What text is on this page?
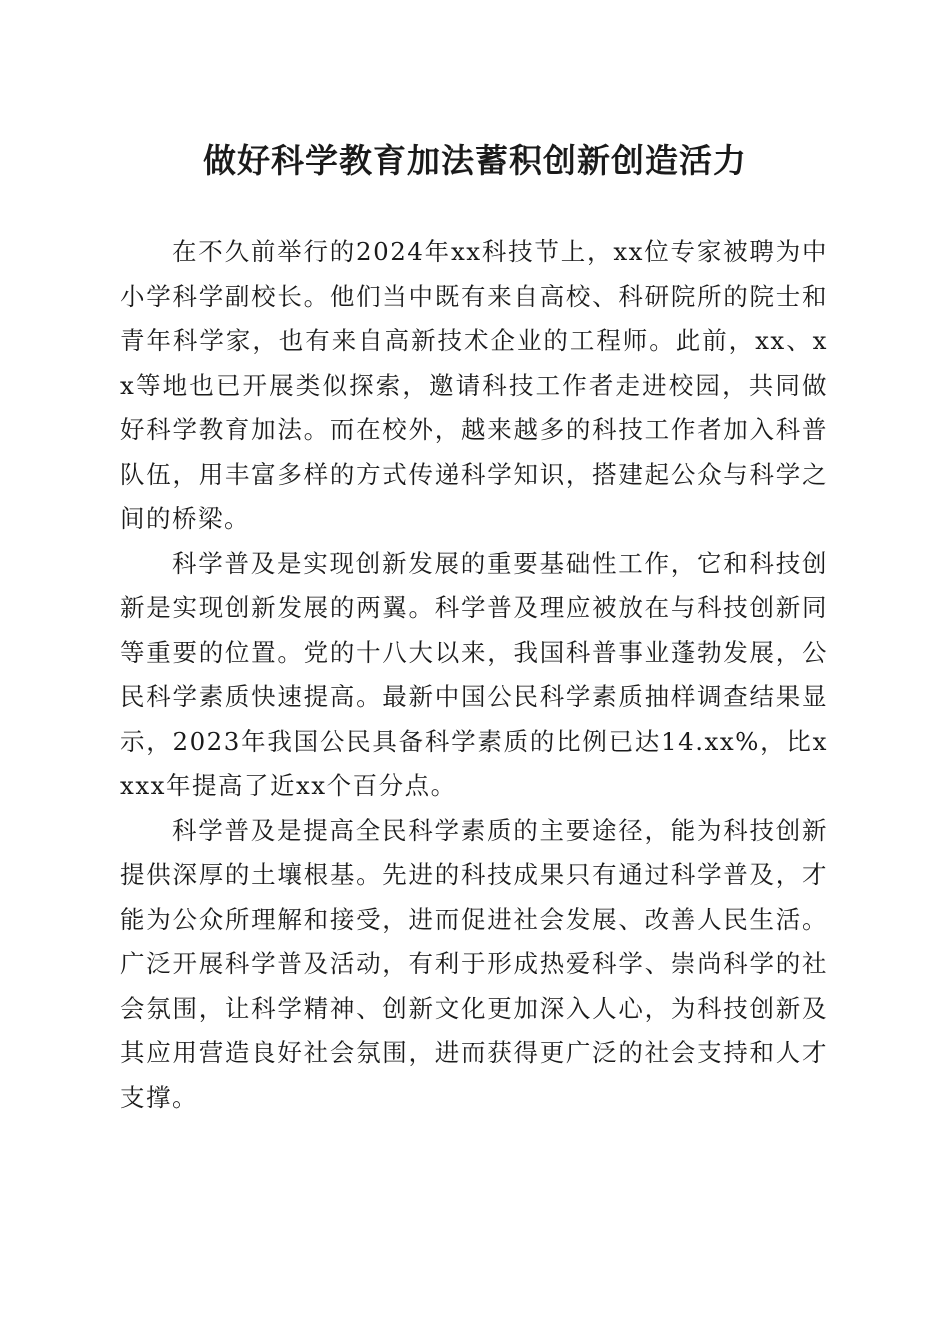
做好科学教育加法蓄积创新创造活力

在不久前举行的2024年xx科技节上，xx位专家被聘为中小学科学副校长。他们当中既有来自高校、科研院所的院士和青年科学家，也有来自高新技术企业的工程师。此前，xx、xx等地也已开展类似探索，邀请科技工作者走进校园，共同做好科学教育加法。而在校外，越来越多的科技工作者加入科普队伍，用丰富多样的方式传递科学知识，搭建起公众与科学之间的桥梁。

科学普及是实现创新发展的重要基础性工作，它和科技创新是实现创新发展的两翼。科学普及理应被放在与科技创新同等重要的位置。党的十八大以来，我国科普事业蓬勃发展，公民科学素质快速提高。最新中国公民科学素质抽样调查结果显示，2023年我国公民具备科学素质的比例已达14.xx%，比xxxx年提高了近xx个百分点。

科学普及是提高全民科学素质的主要途径，能为科技创新提供深厚的土壤根基。先进的科技成果只有通过科学普及，才能为公众所理解和接受，进而促进社会发展、改善人民生活。广泛开展科学普及活动，有利于形成热爱科学、崇尚科学的社会氛围，让科学精神、创新文化更加深入人心，为科技创新及其应用营造良好社会氛围，进而获得更广泛的社会支持和人才支撑。
